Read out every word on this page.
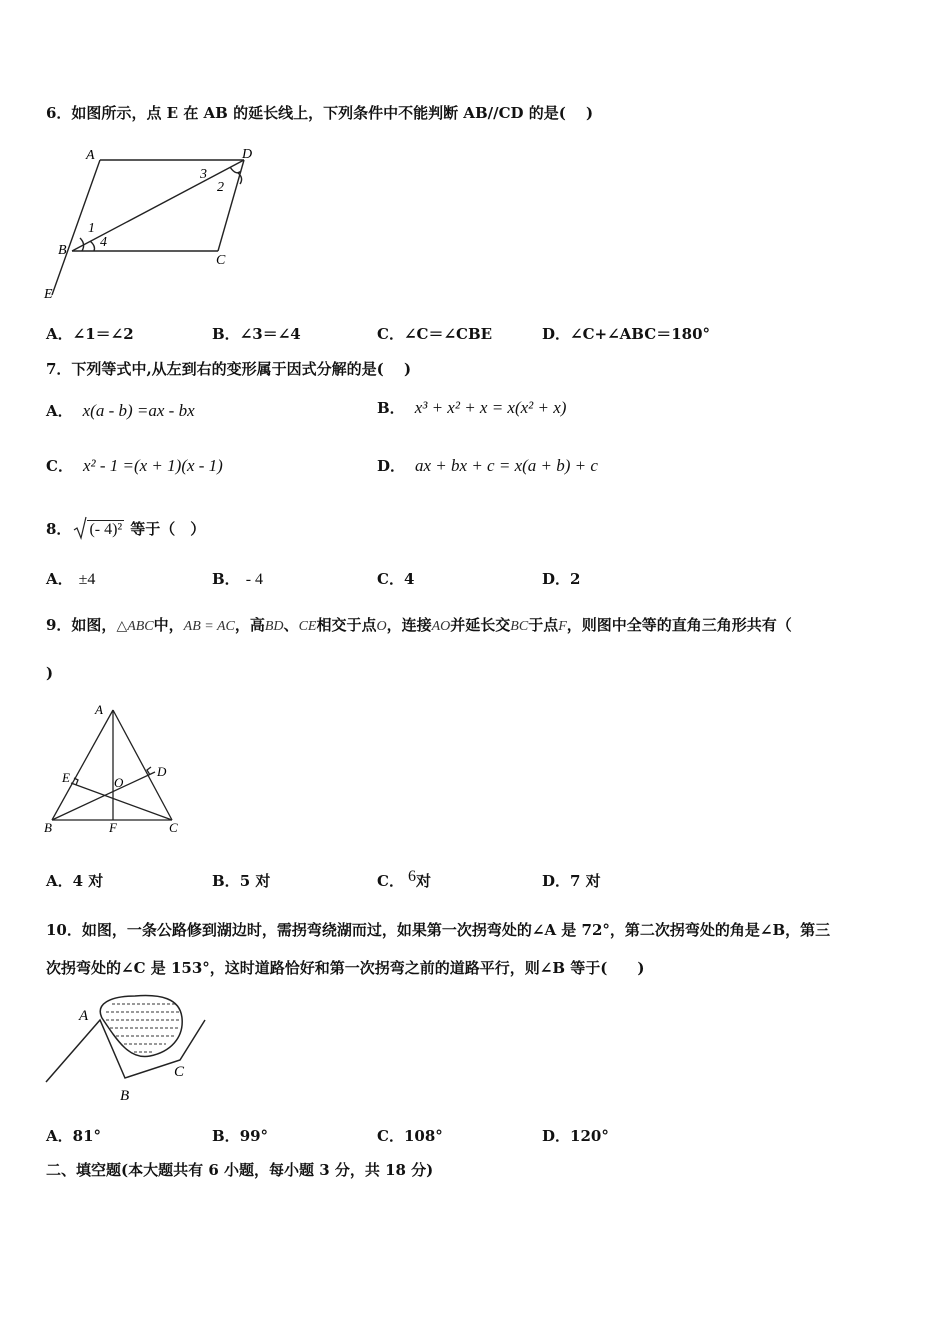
6．如图所示，点 E 在 AB 的延长线上，下列条件中不能判断 AB//CD 的是(　 )
A	D
B
C
E
1
4
3
2
A．∠1＝∠2	B．∠3＝∠4	C．∠C＝∠CBE	D．∠C+∠ABC＝180°
7．下列等式中,从左到右的变形属于因式分解的是(　 )
A． x(a - b) =ax - bx	B． x³ + x² + x = x(x² + x)
C． x² - 1 =(x + 1)(x - 1)	D． ax + bx + c = x(a + b) + c
8． (- 4)² 等于（　）
A． ±4	B． - 4	C．4	D．2
9．如图，△ABC中，AB = AC，高BD、CE相交于点O，连接AO并延长交BC于点F，则图中全等的直角三角形共有（
)
A
B	C
D
E
F
O
A．4 对	B．5 对	C． 6对	D．7 对
10．如图，一条公路修到湖边时，需拐弯绕湖而过，如果第一次拐弯处的∠A 是 72°，第二次拐弯处的角是∠B，第三
次拐弯处的∠C 是 153°，这时道路恰好和第一次拐弯之前的道路平行，则∠B 等于(　　)
A
B
C
A．81°	B．99°	C．108°	D．120°
二、填空题(本大题共有 6 小题，每小题 3 分，共 18 分)
